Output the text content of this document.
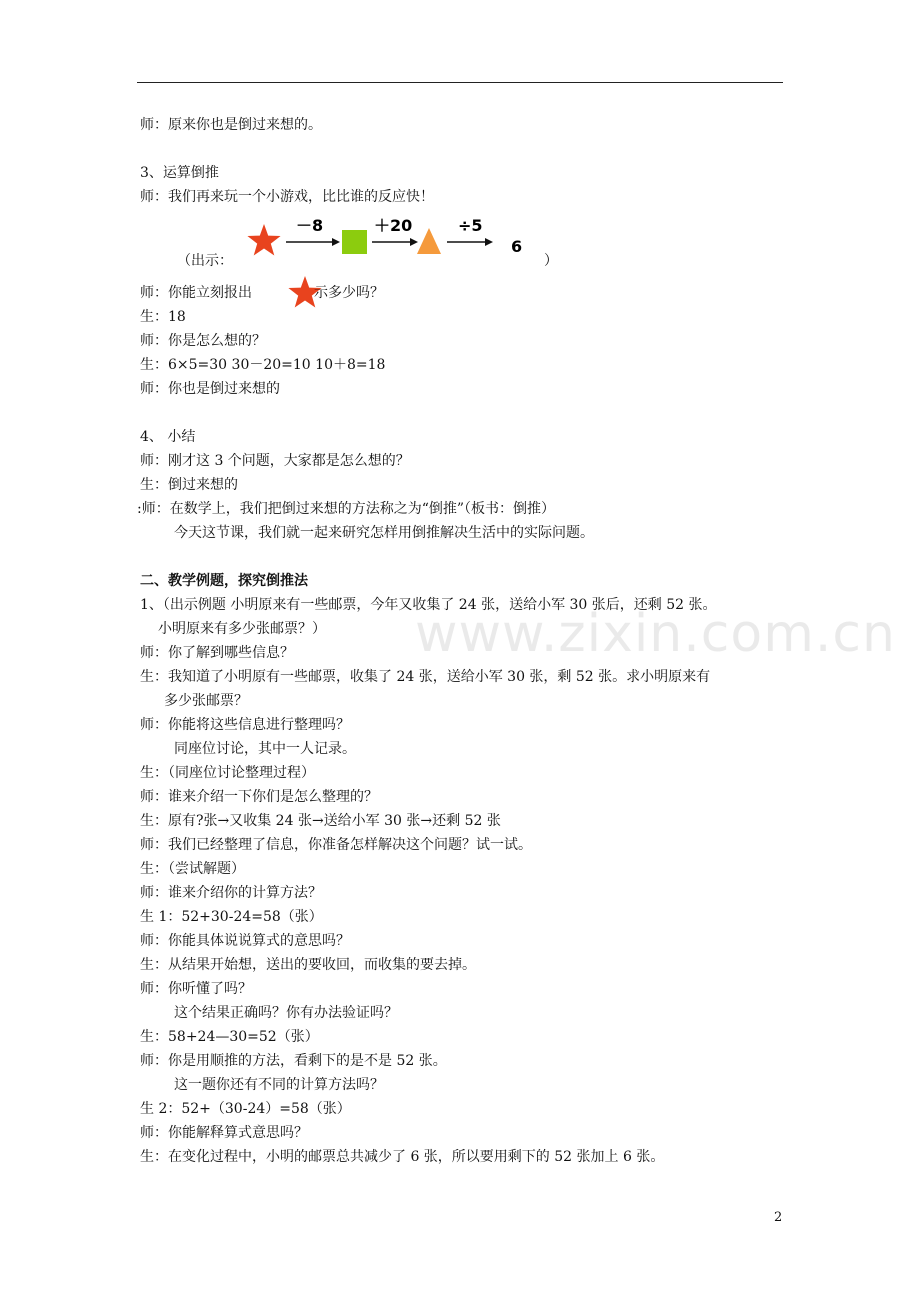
师：原来你也是倒过来想的。
3、运算倒推
师：我们再来玩一个小游戏，比比谁的反应快！
（出示：
－8	＋20	÷5
6
）
师：你能立刻报出	示多少吗？
生：18
师：你是怎么想的？
生：6×5=30 30－20=10 10＋8=18
师：你也是倒过来想的
4、 小结
师：刚才这 3 个问题，大家都是怎么想的？
生：倒过来想的
:师：在数学上，我们把倒过来想的方法称之为“倒推”（板书：倒推）
今天这节课，我们就一起来研究怎样用倒推解决生活中的实际问题。
二、教学例题，探究倒推法
1、（出示例题 小明原来有一些邮票，今年又收集了 24 张，送给小军 30 张后，还剩 52 张。
www.zixin.com.cn
小明原来有多少张邮票？）
师：你了解到哪些信息？
生：我知道了小明原有一些邮票，收集了 24 张，送给小军 30 张，剩 52 张。求小明原来有
多少张邮票？
师：你能将这些信息进行整理吗？
同座位讨论，其中一人记录。
生：（同座位讨论整理过程）
师：谁来介绍一下你们是怎么整理的？
生：原有?张→又收集 24 张→送给小军 30 张→还剩 52 张
师：我们已经整理了信息，你准备怎样解决这个问题？试一试。
生：（尝试解题）
师：谁来介绍你的计算方法？
生 1：52+30-24=58（张）
师：你能具体说说算式的意思吗？
生：从结果开始想，送出的要收回，而收集的要去掉。
师：你听懂了吗？
这个结果正确吗？你有办法验证吗？
生：58+24—30=52（张）
师：你是用顺推的方法，看剩下的是不是 52 张。
这一题你还有不同的计算方法吗？
生 2：52+（30-24）=58（张）
师：你能解释算式意思吗？
生：在变化过程中，小明的邮票总共减少了 6 张，所以要用剩下的 52 张加上 6 张。
2
